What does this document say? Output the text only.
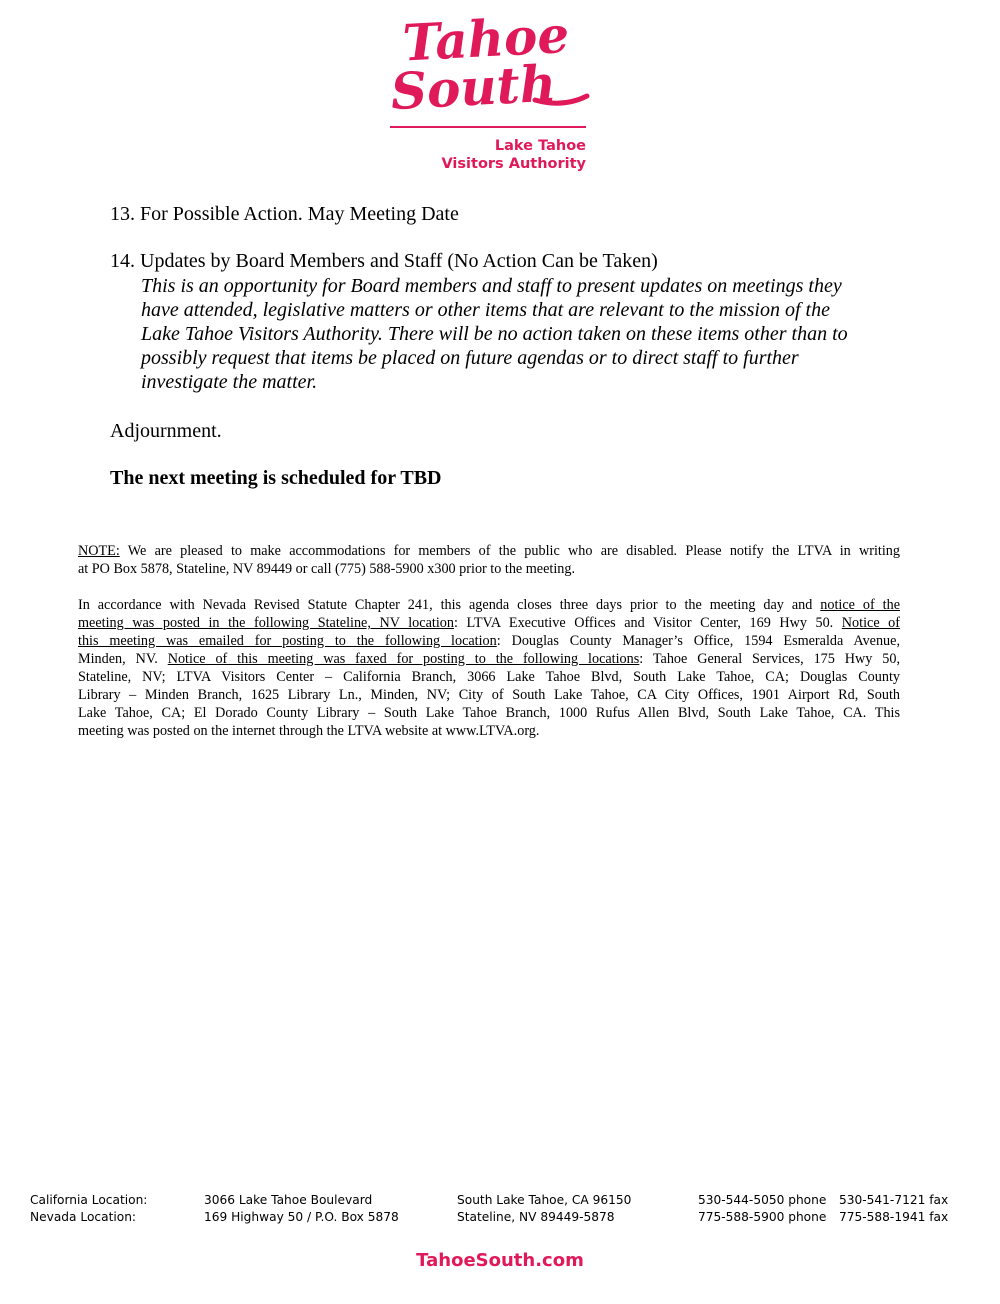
Tahoe
South
Lake Tahoe
Visitors Authority
13. For Possible Action. May Meeting Date
14. Updates by Board Members and Staff (No Action Can be Taken)
This is an opportunity for Board members and staff to present updates on meetings they
have attended, legislative matters or other items that are relevant to the mission of the
Lake Tahoe Visitors Authority. There will be no action taken on these items other than to
possibly request that items be placed on future agendas or to direct staff to further
investigate the matter.
Adjournment.
The next meeting is scheduled for TBD
NOTE: We are pleased to make accommodations for members of the public who are disabled. Please notify the LTVA in writing
at PO Box 5878, Stateline, NV 89449 or call (775) 588-5900 x300 prior to the meeting.
In accordance with Nevada Revised Statute Chapter 241, this agenda closes three days prior to the meeting day and notice of the
meeting was posted in the following Stateline, NV location: LTVA Executive Offices and Visitor Center, 169 Hwy 50. Notice of
this meeting was emailed for posting to the following location: Douglas County Manager’s Office, 1594 Esmeralda Avenue,
Minden, NV. Notice of this meeting was faxed for posting to the following locations: Tahoe General Services, 175 Hwy 50,
Stateline, NV; LTVA Visitors Center – California Branch, 3066 Lake Tahoe Blvd, South Lake Tahoe, CA; Douglas County
Library – Minden Branch, 1625 Library Ln., Minden, NV; City of South Lake Tahoe, CA City Offices, 1901 Airport Rd, South
Lake Tahoe, CA; El Dorado County Library – South Lake Tahoe Branch, 1000 Rufus Allen Blvd, South Lake Tahoe, CA. This
meeting was posted on the internet through the LTVA website at www.LTVA.org.
California Location:	3066 Lake Tahoe Boulevard	South Lake Tahoe, CA 96150	530-544-5050 phone 530-541-7121 fax
Nevada Location:	169 Highway 50 / P.O. Box 5878	Stateline, NV 89449-5878	775-588-5900 phone 775-588-1941 fax
TahoeSouth.com
